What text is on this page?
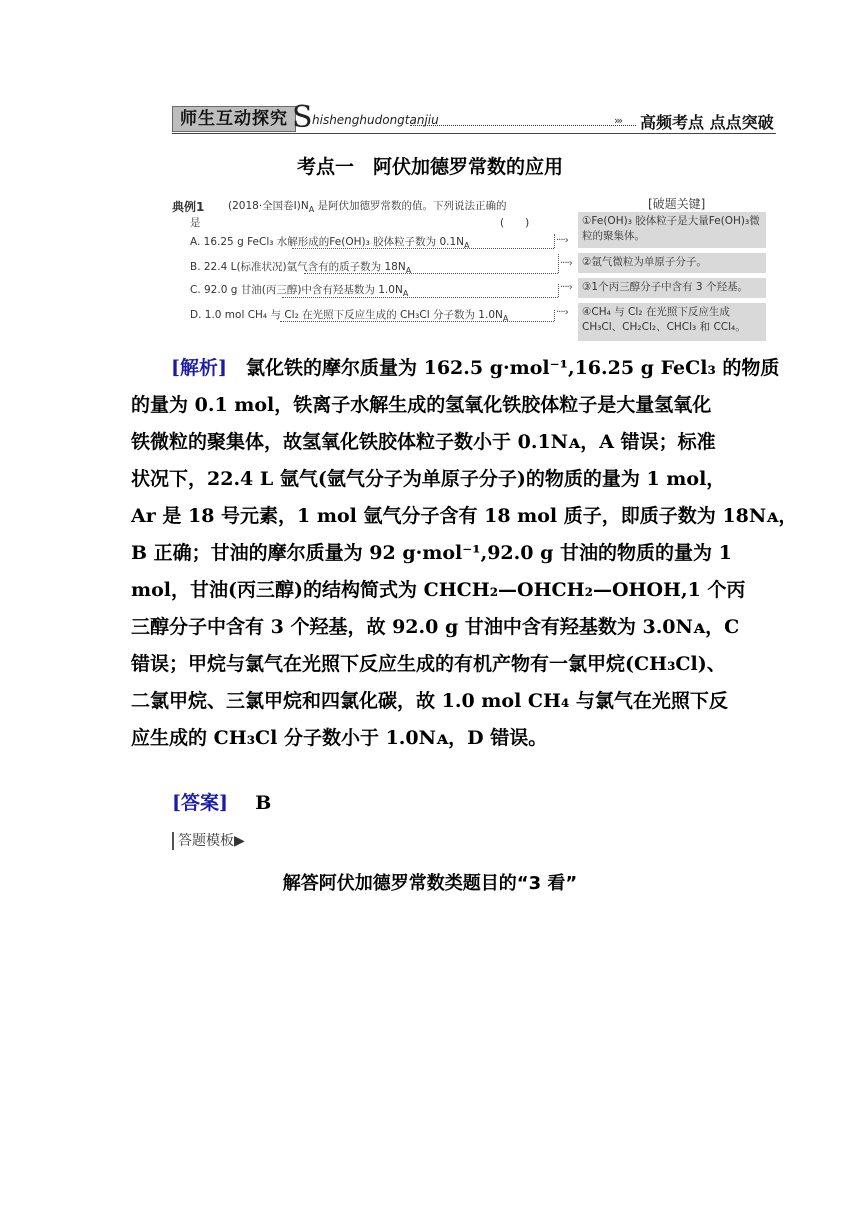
师生互动探究 S hishenghudongtanjiu	››› 高频考点 点点突破
考点一　阿伏加德罗常数的应用
典例1 (2018·全国卷$Ⅰ)N_A$ 是阿伏加德罗常数的值。下列说法正确的
是	(　　)
A. 16.25 g FeCl₃ 水解形成的Fe(OH)₃ 胶体粒子数为 $0.1N_A$
B. 22.4 L(标准状况)氩气含有的质子数为 $18N_A$
C. 92.0 g 甘油(丙三醇)中含有羟基数为 $1.0N_A$
D. 1.0 mol CH₄ 与 Cl₂ 在光照下反应生成的 CH₃Cl 分子数为 $1.0N_A$
····›
····›
····›
····›
[破题关键]
①Fe(OH)₃ 胶体粒子是大量Fe(OH)₃微粒的聚集体。
②氩气微粒为单原子分子。
③1个丙三醇分子中含有 3 个羟基。
④CH₄ 与 Cl₂ 在光照下反应生成CH₃Cl、CH₂Cl₂、CHCl₃ 和 CCl₄。
[解析]　氯化铁的摩尔质量为 162.5 g·mol⁻¹,16.25 g FeCl₃ 的物质
的量为 0.1 mol，铁离子水解生成的氢氧化铁胶体粒子是大量氢氧化
铁微粒的聚集体，故氢氧化铁胶体粒子数小于 0.1Nᴀ，A 错误；标准
状况下，22.4 L 氩气(氩气分子为单原子分子)的物质的量为 1 mol，
Ar 是 18 号元素，1 mol 氩气分子含有 18 mol 质子，即质子数为 18Nᴀ，
B 正确；甘油的摩尔质量为 92 g·mol⁻¹,92.0 g 甘油的物质的量为 1
mol，甘油(丙三醇)的结构简式为 CHCH₂—OHCH₂—OHOH,1 个丙
三醇分子中含有 3 个羟基，故 92.0 g 甘油中含有羟基数为 3.0Nᴀ，C
错误；甲烷与氯气在光照下反应生成的有机产物有一氯甲烷(CH₃Cl)、
二氯甲烷、三氯甲烷和四氯化碳，故 1.0 mol CH₄ 与氯气在光照下反
应生成的 CH₃Cl 分子数小于 1.0Nᴀ，D 错误。
[答案] B
答题模板▶
解答阿伏加德罗常数类题目的“3 看”
